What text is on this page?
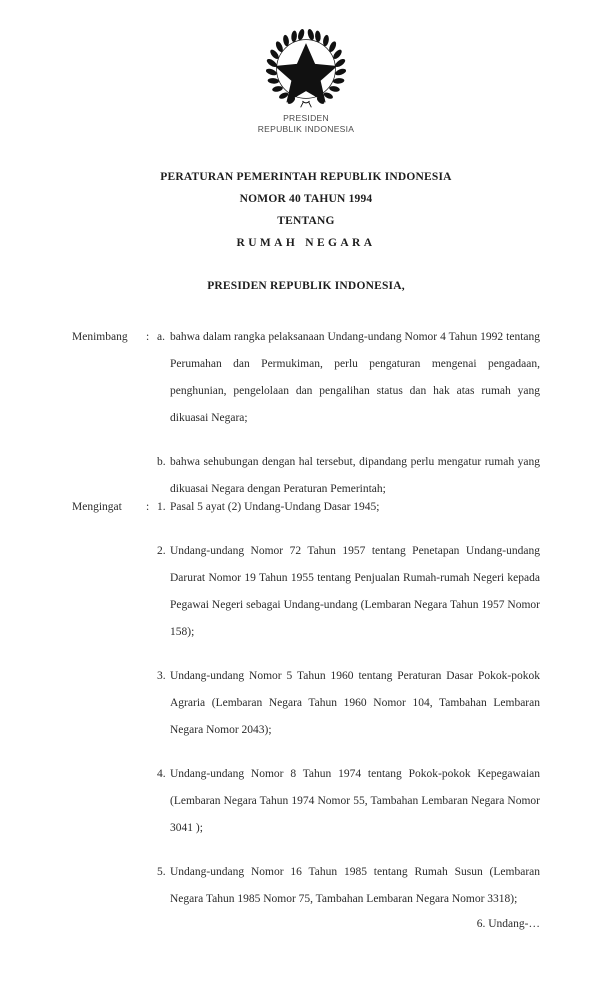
PRESIDEN
REPUBLIK INDONESIA
PERATURAN PEMERINTAH REPUBLIK INDONESIA
NOMOR 40 TAHUN 1994
TENTANG
RUMAH NEGARA
PRESIDEN REPUBLIK INDONESIA,
Menimbang	: a. bahwa dalam rangka pelaksanaan Undang-undang Nomor 4 Tahun 1992 tentang Perumahan dan Permukiman, perlu pengaturan mengenai pengadaan, penghunian, pengelolaan dan pengalihan status dan hak atas rumah yang dikuasai Negara;
b. bahwa sehubungan dengan hal tersebut, dipandang perlu mengatur rumah yang dikuasai Negara dengan Peraturan Pemerintah;
Mengingat	: 1. Pasal 5 ayat (2) Undang-Undang Dasar 1945;
2. Undang-undang Nomor 72 Tahun 1957 tentang Penetapan Undang-undang Darurat Nomor 19 Tahun 1955 tentang Penjualan Rumah-rumah Negeri kepada Pegawai Negeri sebagai Undang-undang (Lembaran Negara Tahun 1957 Nomor 158);
3. Undang-undang Nomor 5 Tahun 1960 tentang Peraturan Dasar Pokok-pokok Agraria (Lembaran Negara Tahun 1960 Nomor 104, Tambahan Lembaran Negara Nomor 2043);
4. Undang-undang Nomor 8 Tahun 1974 tentang Pokok-pokok Kepegawaian (Lembaran Negara Tahun 1974 Nomor 55, Tambahan Lembaran Negara Nomor 3041 );
5. Undang-undang Nomor 16 Tahun 1985 tentang Rumah Susun (Lembaran Negara Tahun 1985 Nomor 75, Tambahan Lembaran Negara Nomor 3318);
6. Undang-…
